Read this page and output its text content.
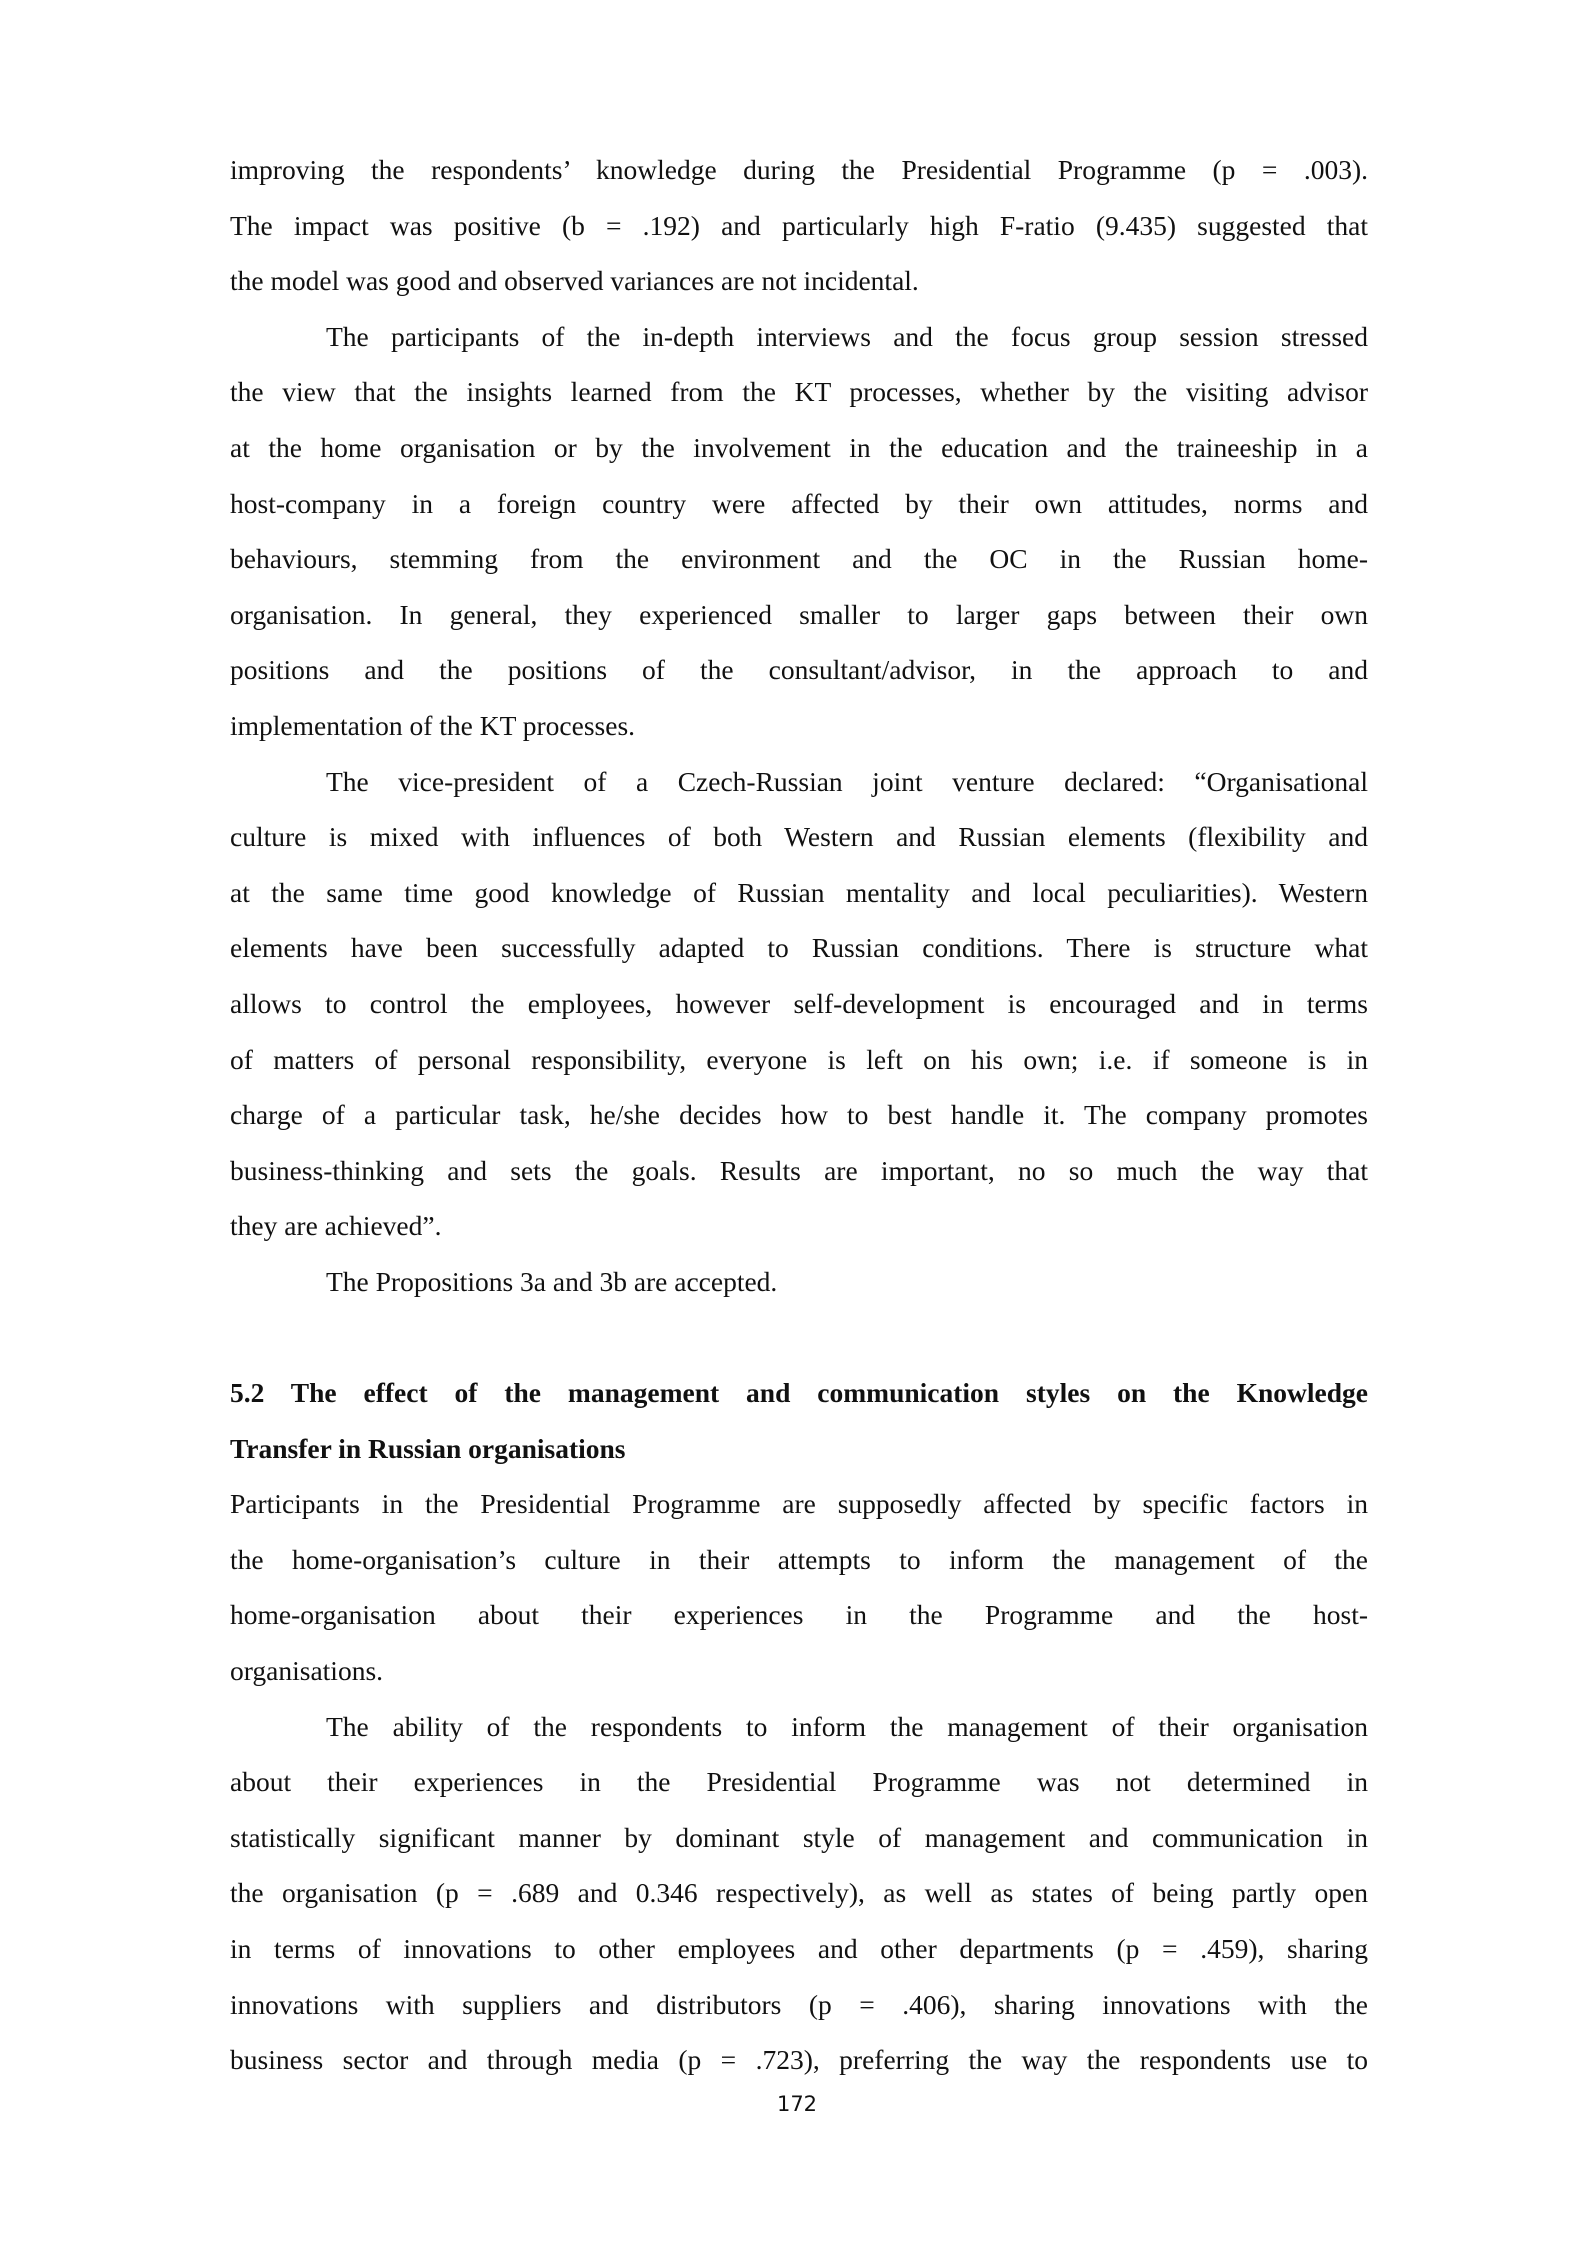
improving the respondents’ knowledge during the Presidential Programme (p = .003).
The impact was positive (b = .192) and particularly high F-ratio (9.435) suggested that
the model was good and observed variances are not incidental.
The participants of the in-depth interviews and the focus group session stressed
the view that the insights learned from the KT processes, whether by the visiting advisor
at the home organisation or by the involvement in the education and the traineeship in a
host-company in a foreign country were affected by their own attitudes, norms and
behaviours, stemming from the environment and the OC in the Russian home-
organisation. In general, they experienced smaller to larger gaps between their own
positions and the positions of the consultant/advisor, in the approach to and
implementation of the KT processes.
The vice-president of a Czech-Russian joint venture declared: “Organisational
culture is mixed with influences of both Western and Russian elements (flexibility and
at the same time good knowledge of Russian mentality and local peculiarities). Western
elements have been successfully adapted to Russian conditions. There is structure what
allows to control the employees, however self-development is encouraged and in terms
of matters of personal responsibility, everyone is left on his own; i.e. if someone is in
charge of a particular task, he/she decides how to best handle it. The company promotes
business-thinking and sets the goals. Results are important, no so much the way that
they are achieved”.
The Propositions 3a and 3b are accepted.
5.2 The effect of the management and communication styles on the Knowledge
Transfer in Russian organisations
Participants in the Presidential Programme are supposedly affected by specific factors in
the home-organisation’s culture in their attempts to inform the management of the
home-organisation about their experiences in the Programme and the host-
organisations.
The ability of the respondents to inform the management of their organisation
about their experiences in the Presidential Programme was not determined in
statistically significant manner by dominant style of management and communication in
the organisation (p = .689 and 0.346 respectively), as well as states of being partly open
in terms of innovations to other employees and other departments (p = .459), sharing
innovations with suppliers and distributors (p = .406), sharing innovations with the
business sector and through media (p = .723), preferring the way the respondents use to
172
